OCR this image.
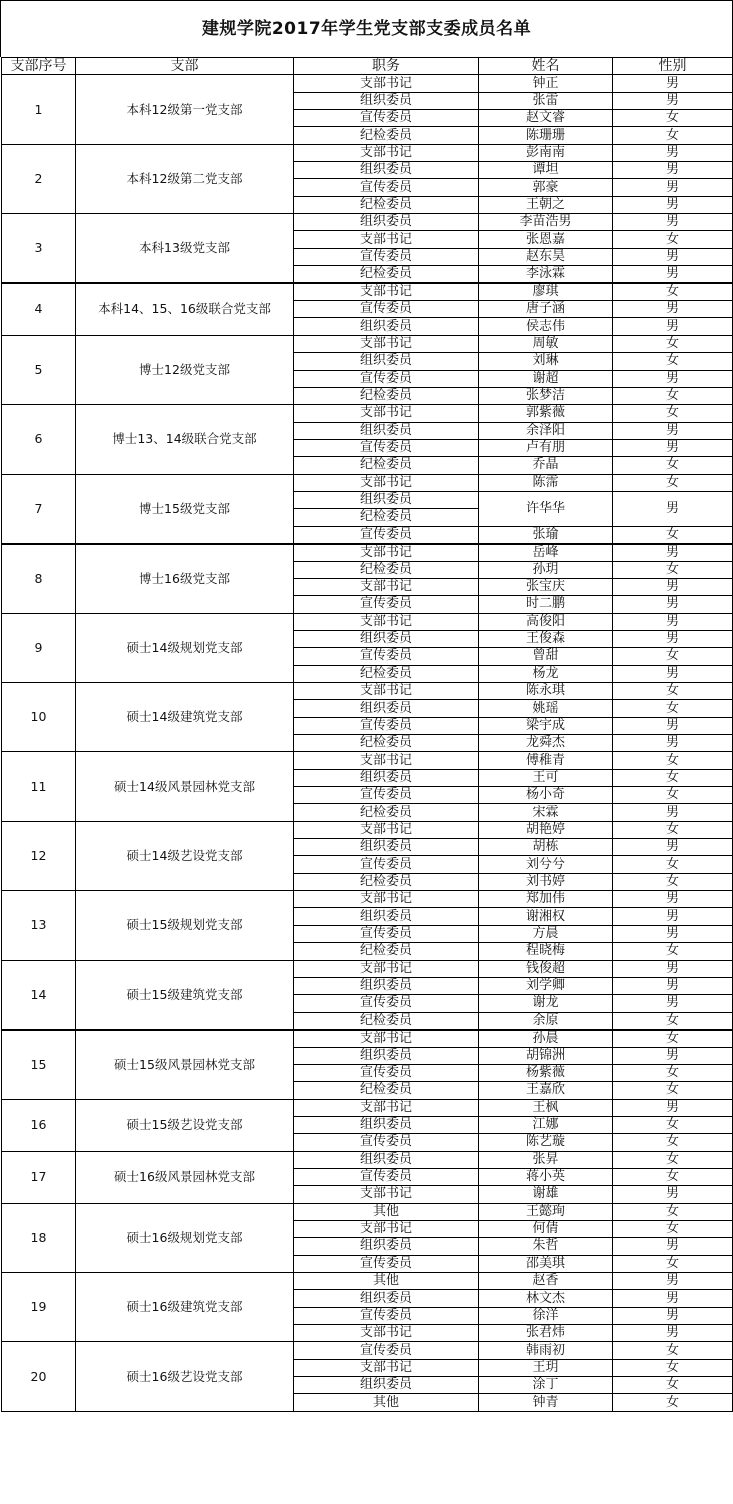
建规学院2017年学生党支部支委成员名单
支部序号	支部	职务	姓名	性别
1	本科12级第一党支部	支部书记	钟正	男
		组织委员	张雷	男
		宣传委员	赵文睿	女
		纪检委员	陈珊珊	女
2	本科12级第二党支部	支部书记	彭南南	男
		组织委员	谭坦	男
		宣传委员	郭豪	男
		纪检委员	王朝之	男
3	本科13级党支部	组织委员	李苗浩男	男
		支部书记	张恩嘉	女
		宣传委员	赵东昊	男
		纪检委员	李泳霖	男
4	本科14、15、16级联合党支部	支部书记	廖琪	女
		宣传委员	唐子涵	男
		组织委员	侯志伟	男
5	博士12级党支部	支部书记	周敏	女
		组织委员	刘琳	女
		宣传委员	谢超	男
		纪检委员	张梦洁	女
6	博士13、14级联合党支部	支部书记	郭紫薇	女
		组织委员	余泽阳	男
		宣传委员	卢有朋	男
		纪检委员	乔晶	女
7	博士15级党支部	支部书记	陈霈	女
		组织委员	许华华	男
		纪检委员		
		宣传委员	张瑜	女
8	博士16级党支部	支部书记	岳峰	男
		纪检委员	孙玥	女
		支部书记	张宝庆	男
		宣传委员	时二鹏	男
9	硕士14级规划党支部	支部书记	高俊阳	男
		组织委员	王俊森	男
		宣传委员	曾甜	女
		纪检委员	杨龙	男
10	硕士14级建筑党支部	支部书记	陈永琪	女
		组织委员	姚瑶	女
		宣传委员	梁宇成	男
		纪检委员	龙舜杰	男
11	硕士14级风景园林党支部	支部书记	傅稚青	女
		组织委员	王可	女
		宣传委员	杨小奇	女
		纪检委员	宋霖	男
12	硕士14级艺设党支部	支部书记	胡艳婷	女
		组织委员	胡栋	男
		宣传委员	刘兮兮	女
		纪检委员	刘书婷	女
13	硕士15级规划党支部	支部书记	郑加伟	男
		组织委员	谢湘权	男
		宣传委员	方晨	男
		纪检委员	程晓梅	女
14	硕士15级建筑党支部	支部书记	钱俊超	男
		组织委员	刘学卿	男
		宣传委员	谢龙	男
		纪检委员	余原	女
15	硕士15级风景园林党支部	支部书记	孙晨	女
		组织委员	胡锦洲	男
		宣传委员	杨紫薇	女
		纪检委员	王嘉欣	女
16	硕士15级艺设党支部	支部书记	王枫	男
		组织委员	江娜	女
		宣传委员	陈艺璇	女
17	硕士16级风景园林党支部	组织委员	张昇	女
		宣传委员	蒋小英	女
		支部书记	谢雄	男
18	硕士16级规划党支部	其他	王懿珣	女
		支部书记	何倩	女
		组织委员	朱哲	男
		宣传委员	邵美琪	女
19	硕士16级建筑党支部	其他	赵香	男
		组织委员	林文杰	男
		宣传委员	徐洋	男
		支部书记	张君炜	男
20	硕士16级艺设党支部	宣传委员	韩雨初	女
		支部书记	王玥	女
		组织委员	涂丁	女
		其他	钟青	女
